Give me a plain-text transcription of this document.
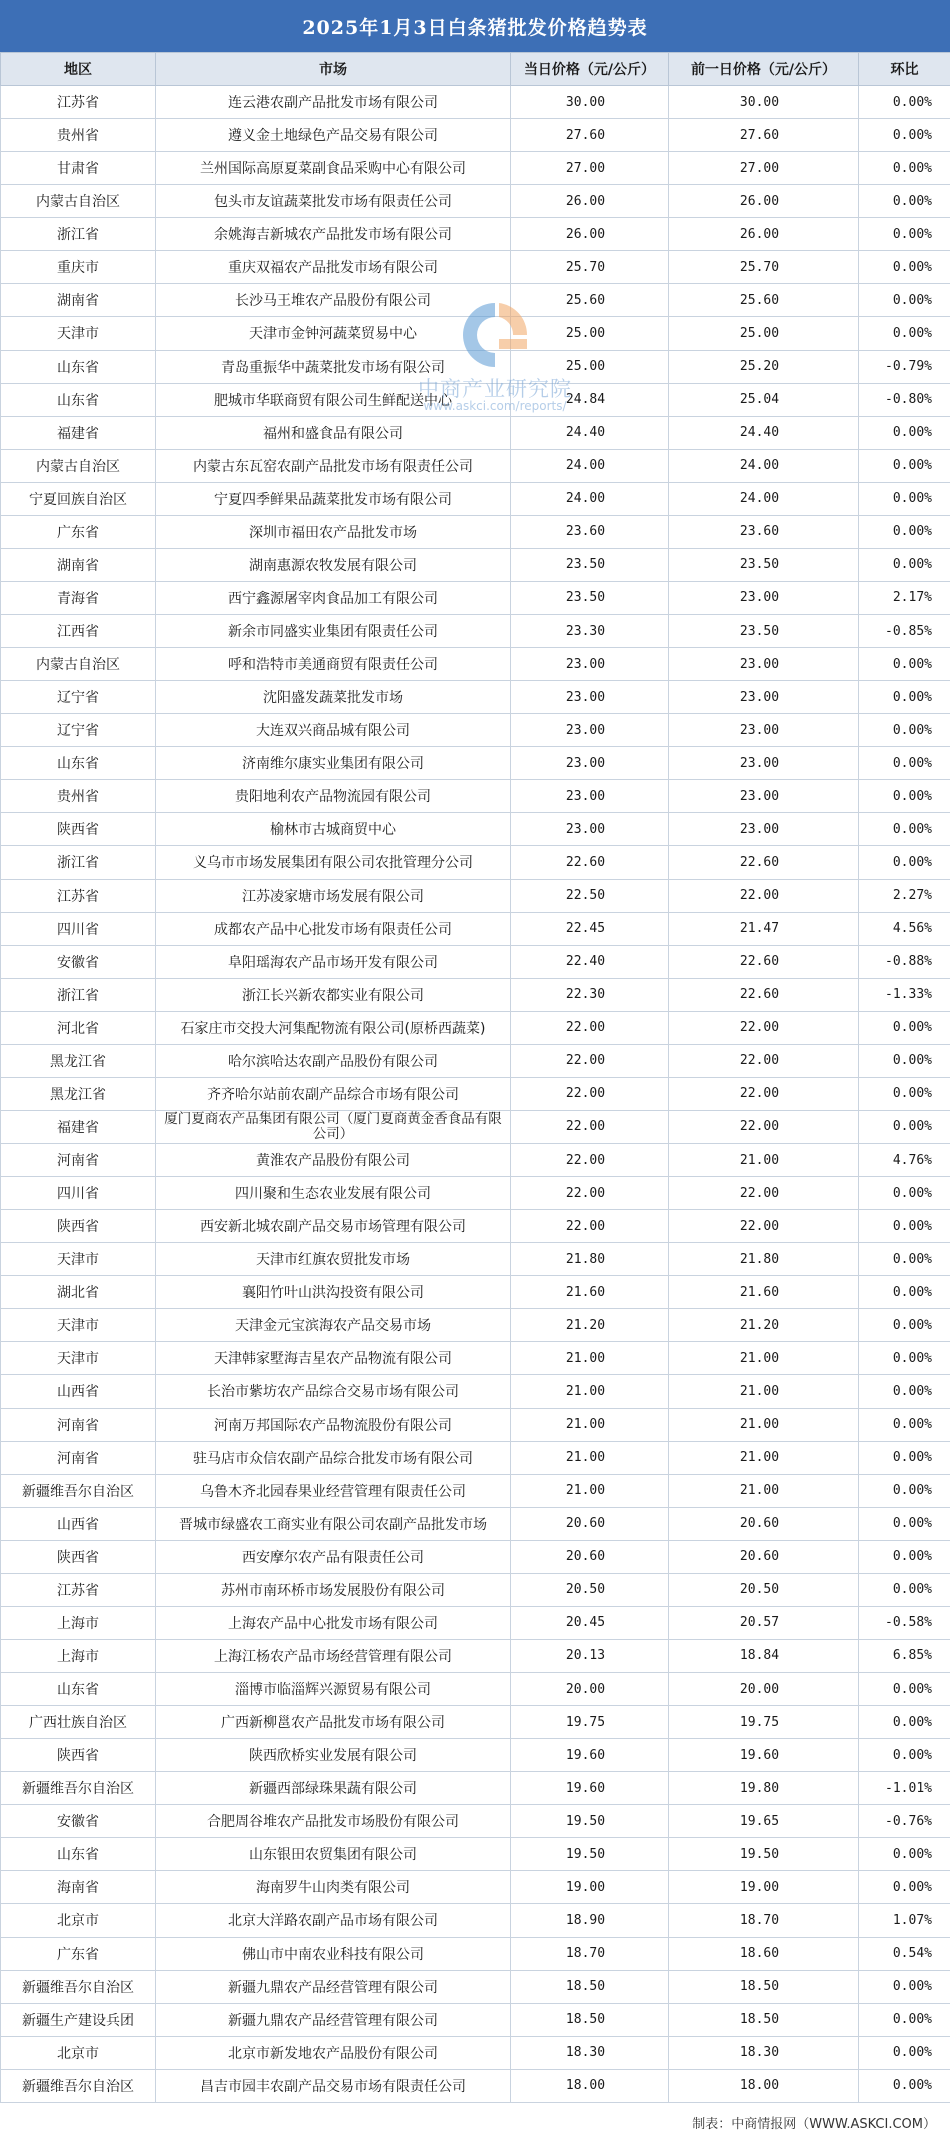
2025年1月3日白条猪批发价格趋势表
地区	市场	当日价格（元/公斤）	前一日价格（元/公斤）	环比
江苏省	连云港农副产品批发市场有限公司	30.00	30.00	0.00%
贵州省	遵义金土地绿色产品交易有限公司	27.60	27.60	0.00%
甘肃省	兰州国际高原夏菜副食品采购中心有限公司	27.00	27.00	0.00%
内蒙古自治区	包头市友谊蔬菜批发市场有限责任公司	26.00	26.00	0.00%
浙江省	余姚海吉新城农产品批发市场有限公司	26.00	26.00	0.00%
重庆市	重庆双福农产品批发市场有限公司	25.70	25.70	0.00%
湖南省	长沙马王堆农产品股份有限公司	25.60	25.60	0.00%
天津市	天津市金钟河蔬菜贸易中心	25.00	25.00	0.00%
山东省	青岛重振华中蔬菜批发市场有限公司	25.00	25.20	-0.79%
山东省	肥城市华联商贸有限公司生鲜配送中心	24.84	25.04	-0.80%
福建省	福州和盛食品有限公司	24.40	24.40	0.00%
内蒙古自治区	内蒙古东瓦窑农副产品批发市场有限责任公司	24.00	24.00	0.00%
宁夏回族自治区	宁夏四季鲜果品蔬菜批发市场有限公司	24.00	24.00	0.00%
广东省	深圳市福田农产品批发市场	23.60	23.60	0.00%
湖南省	湖南惠源农牧发展有限公司	23.50	23.50	0.00%
青海省	西宁鑫源屠宰肉食品加工有限公司	23.50	23.00	2.17%
江西省	新余市同盛实业集团有限责任公司	23.30	23.50	-0.85%
内蒙古自治区	呼和浩特市美通商贸有限责任公司	23.00	23.00	0.00%
辽宁省	沈阳盛发蔬菜批发市场	23.00	23.00	0.00%
辽宁省	大连双兴商品城有限公司	23.00	23.00	0.00%
山东省	济南维尔康实业集团有限公司	23.00	23.00	0.00%
贵州省	贵阳地利农产品物流园有限公司	23.00	23.00	0.00%
陕西省	榆林市古城商贸中心	23.00	23.00	0.00%
浙江省	义乌市市场发展集团有限公司农批管理分公司	22.60	22.60	0.00%
江苏省	江苏凌家塘市场发展有限公司	22.50	22.00	2.27%
四川省	成都农产品中心批发市场有限责任公司	22.45	21.47	4.56%
安徽省	阜阳瑶海农产品市场开发有限公司	22.40	22.60	-0.88%
浙江省	浙江长兴新农都实业有限公司	22.30	22.60	-1.33%
河北省	石家庄市交投大河集配物流有限公司(原桥西蔬菜)	22.00	22.00	0.00%
黑龙江省	哈尔滨哈达农副产品股份有限公司	22.00	22.00	0.00%
黑龙江省	齐齐哈尔站前农副产品综合市场有限公司	22.00	22.00	0.00%
福建省	厦门夏商农产品集团有限公司（厦门夏商黄金香食品有限公司）	22.00	22.00	0.00%
河南省	黄淮农产品股份有限公司	22.00	21.00	4.76%
四川省	四川聚和生态农业发展有限公司	22.00	22.00	0.00%
陕西省	西安新北城农副产品交易市场管理有限公司	22.00	22.00	0.00%
天津市	天津市红旗农贸批发市场	21.80	21.80	0.00%
湖北省	襄阳竹叶山洪沟投资有限公司	21.60	21.60	0.00%
天津市	天津金元宝滨海农产品交易市场	21.20	21.20	0.00%
天津市	天津韩家墅海吉星农产品物流有限公司	21.00	21.00	0.00%
山西省	长治市紫坊农产品综合交易市场有限公司	21.00	21.00	0.00%
河南省	河南万邦国际农产品物流股份有限公司	21.00	21.00	0.00%
河南省	驻马店市众信农副产品综合批发市场有限公司	21.00	21.00	0.00%
新疆维吾尔自治区	乌鲁木齐北园春果业经营管理有限责任公司	21.00	21.00	0.00%
山西省	晋城市绿盛农工商实业有限公司农副产品批发市场	20.60	20.60	0.00%
陕西省	西安摩尔农产品有限责任公司	20.60	20.60	0.00%
江苏省	苏州市南环桥市场发展股份有限公司	20.50	20.50	0.00%
上海市	上海农产品中心批发市场有限公司	20.45	20.57	-0.58%
上海市	上海江杨农产品市场经营管理有限公司	20.13	18.84	6.85%
山东省	淄博市临淄辉兴源贸易有限公司	20.00	20.00	0.00%
广西壮族自治区	广西新柳邕农产品批发市场有限公司	19.75	19.75	0.00%
陕西省	陕西欣桥实业发展有限公司	19.60	19.60	0.00%
新疆维吾尔自治区	新疆西部绿珠果蔬有限公司	19.60	19.80	-1.01%
安徽省	合肥周谷堆农产品批发市场股份有限公司	19.50	19.65	-0.76%
山东省	山东银田农贸集团有限公司	19.50	19.50	0.00%
海南省	海南罗牛山肉类有限公司	19.00	19.00	0.00%
北京市	北京大洋路农副产品市场有限公司	18.90	18.70	1.07%
广东省	佛山市中南农业科技有限公司	18.70	18.60	0.54%
新疆维吾尔自治区	新疆九鼎农产品经营管理有限公司	18.50	18.50	0.00%
新疆生产建设兵团	新疆九鼎农产品经营管理有限公司	18.50	18.50	0.00%
北京市	北京市新发地农产品股份有限公司	18.30	18.30	0.00%
新疆维吾尔自治区	昌吉市园丰农副产品交易市场有限责任公司	18.00	18.00	0.00%
中商产业研究院
www.askci.com/reports/
制表：中商情报网（WWW.ASKCI.COM）
